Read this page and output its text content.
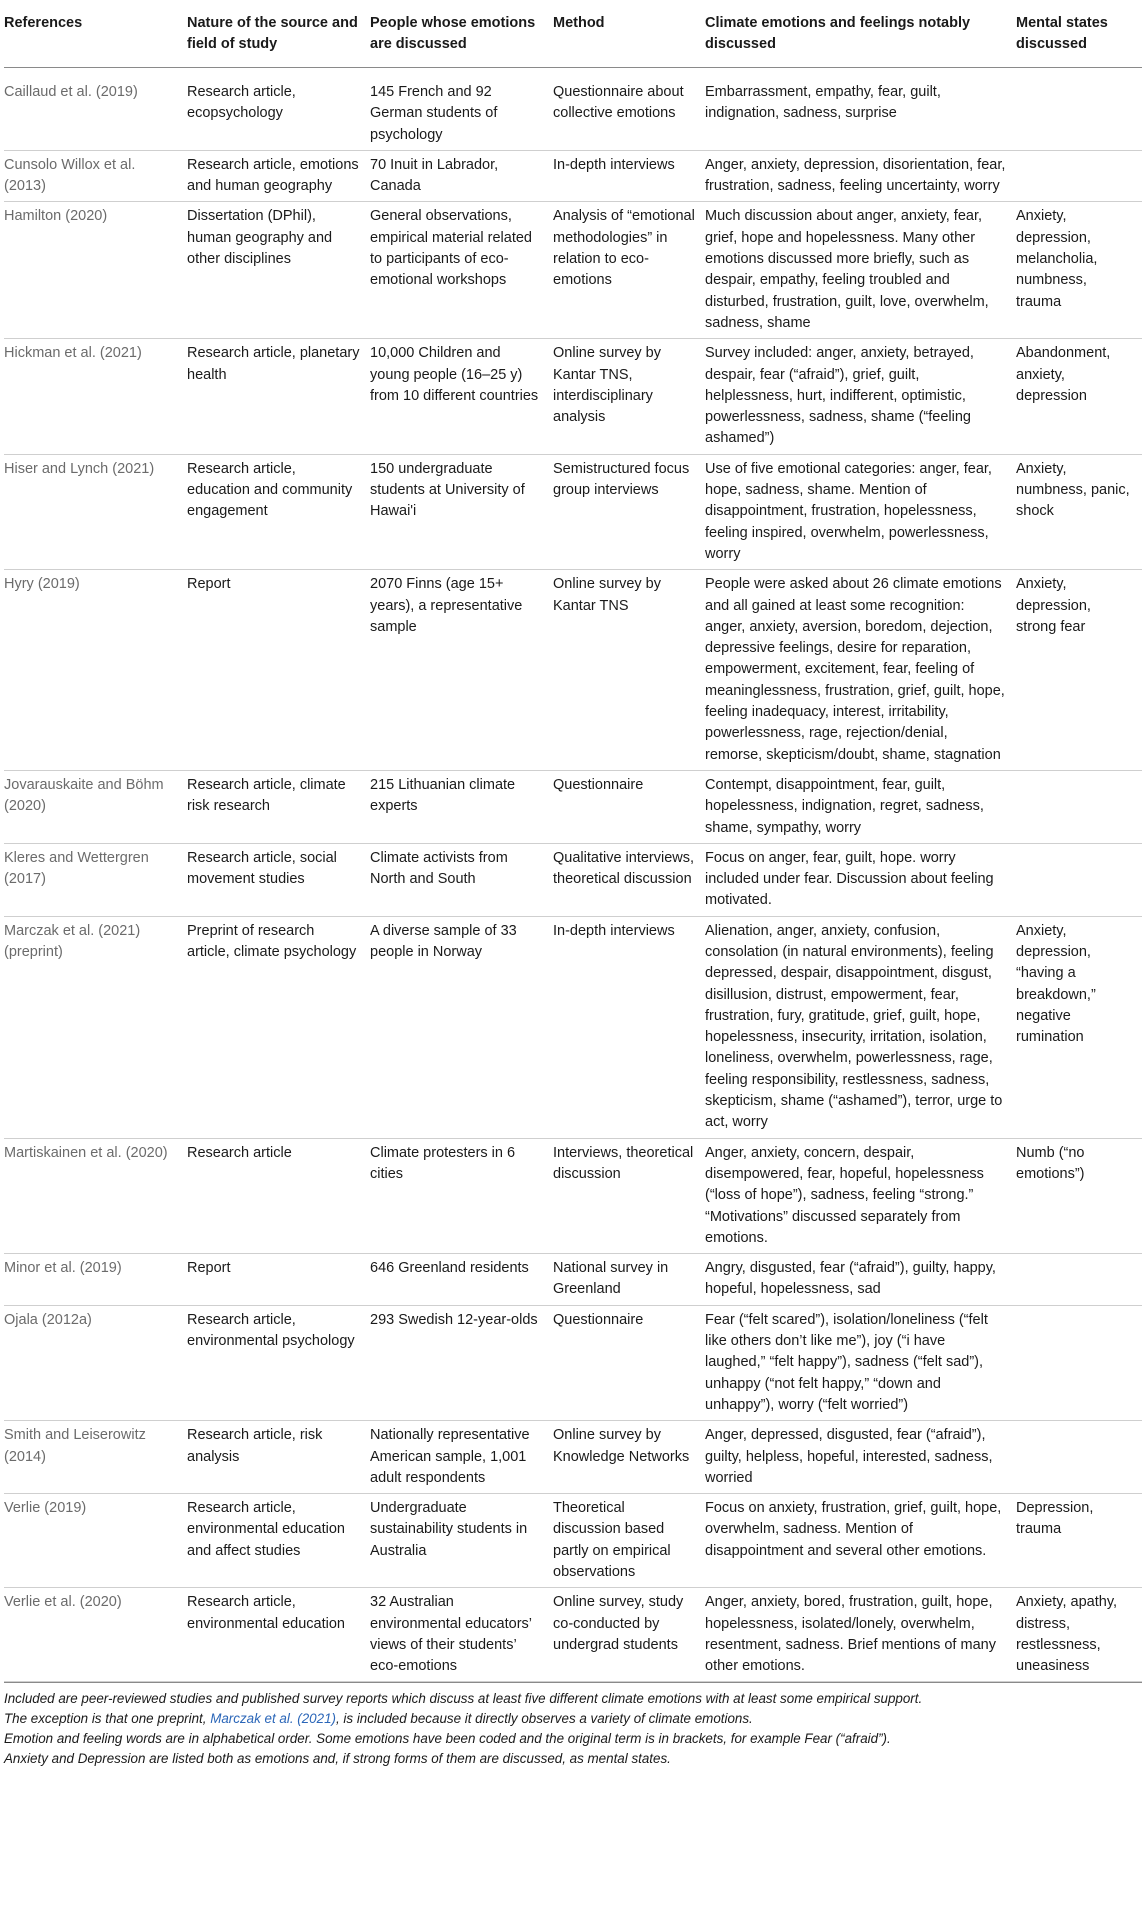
References	Nature of the source and field of study	People whose emotions are discussed	Method	Climate emotions and feelings notably discussed	Mental states discussed
Caillaud et al. (2019)	Research article, ecopsychology	145 French and 92 German students of psychology	Questionnaire about collective emotions	Embarrassment, empathy, fear, guilt, indignation, sadness, surprise	
Cunsolo Willox et al. (2013)	Research article, emotions and human geography	70 Inuit in Labrador, Canada	In-depth interviews	Anger, anxiety, depression, disorientation, fear, frustration, sadness, feeling uncertainty, worry	
Hamilton (2020)	Dissertation (DPhil), human geography and other disciplines	General observations, empirical material related to participants of eco-emotional workshops	Analysis of “emotional methodologies” in relation to eco-emotions	Much discussion about anger, anxiety, fear, grief, hope and hopelessness. Many other emotions discussed more briefly, such as despair, empathy, feeling troubled and disturbed, frustration, guilt, love, overwhelm, sadness, shame	Anxiety, depression, melancholia, numbness, trauma
Hickman et al. (2021)	Research article, planetary health	10,000 Children and young people (16–25 y) from 10 different countries	Online survey by Kantar TNS, interdisciplinary analysis	Survey included: anger, anxiety, betrayed, despair, fear (“afraid”), grief, guilt, helplessness, hurt, indifferent, optimistic, powerlessness, sadness, shame (“feeling ashamed”)	Abandonment, anxiety, depression
Hiser and Lynch (2021)	Research article, education and community engagement	150 undergraduate students at University of Hawai'i	Semistructured focus group interviews	Use of five emotional categories: anger, fear, hope, sadness, shame. Mention of disappointment, frustration, hopelessness, feeling inspired, overwhelm, powerlessness, worry	Anxiety, numbness, panic, shock
Hyry (2019)	Report	2070 Finns (age 15+ years), a representative sample	Online survey by Kantar TNS	People were asked about 26 climate emotions and all gained at least some recognition: anger, anxiety, aversion, boredom, dejection, depressive feelings, desire for reparation, empowerment, excitement, fear, feeling of meaninglessness, frustration, grief, guilt, hope, feeling inadequacy, interest, irritability, powerlessness, rage, rejection/denial, remorse, skepticism/doubt, shame, stagnation	Anxiety, depression, strong fear
Jovarauskaite and Böhm (2020)	Research article, climate risk research	215 Lithuanian climate experts	Questionnaire	Contempt, disappointment, fear, guilt, hopelessness, indignation, regret, sadness, shame, sympathy, worry	
Kleres and Wettergren (2017)	Research article, social movement studies	Climate activists from North and South	Qualitative interviews, theoretical discussion	Focus on anger, fear, guilt, hope. worry included under fear. Discussion about feeling motivated.	
Marczak et al. (2021) (preprint)	Preprint of research article, climate psychology	A diverse sample of 33 people in Norway	In-depth interviews	Alienation, anger, anxiety, confusion, consolation (in natural environments), feeling depressed, despair, disappointment, disgust, disillusion, distrust, empowerment, fear, frustration, fury, gratitude, grief, guilt, hope, hopelessness, insecurity, irritation, isolation, loneliness, overwhelm, powerlessness, rage, feeling responsibility, restlessness, sadness, skepticism, shame (“ashamed”), terror, urge to act, worry	Anxiety, depression, “having a breakdown,” negative rumination
Martiskainen et al. (2020)	Research article	Climate protesters in 6 cities	Interviews, theoretical discussion	Anger, anxiety, concern, despair, disempowered, fear, hopeful, hopelessness (“loss of hope”), sadness, feeling “strong.” “Motivations” discussed separately from emotions.	Numb (“no emotions”)
Minor et al. (2019)	Report	646 Greenland residents	National survey in Greenland	Angry, disgusted, fear (“afraid”), guilty, happy, hopeful, hopelessness, sad	
Ojala (2012a)	Research article, environmental psychology	293 Swedish 12-year-olds	Questionnaire	Fear (“felt scared”), isolation/loneliness (“felt like others don’t like me”), joy (“i have laughed,” “felt happy”), sadness (“felt sad”), unhappy (“not felt happy,” “down and unhappy”), worry (“felt worried”)	
Smith and Leiserowitz (2014)	Research article, risk analysis	Nationally representative American sample, 1,001 adult respondents	Online survey by Knowledge Networks	Anger, depressed, disgusted, fear (“afraid”), guilty, helpless, hopeful, interested, sadness, worried	
Verlie (2019)	Research article, environmental education and affect studies	Undergraduate sustainability students in Australia	Theoretical discussion based partly on empirical observations	Focus on anxiety, frustration, grief, guilt, hope, overwhelm, sadness. Mention of disappointment and several other emotions.	Depression, trauma
Verlie et al. (2020)	Research article, environmental education	32 Australian environmental educators’ views of their students’ eco-emotions	Online survey, study co-conducted by undergrad students	Anger, anxiety, bored, frustration, guilt, hope, hopelessness, isolated/lonely, overwhelm, resentment, sadness. Brief mentions of many other emotions.	Anxiety, apathy, distress, restlessness, uneasiness

Included are peer-reviewed studies and published survey reports which discuss at least five different climate emotions with at least some empirical support.

The exception is that one preprint, Marczak et al. (2021), is included because it directly observes a variety of climate emotions.

Emotion and feeling words are in alphabetical order. Some emotions have been coded and the original term is in brackets, for example Fear (“afraid”).

Anxiety and Depression are listed both as emotions and, if strong forms of them are discussed, as mental states.
